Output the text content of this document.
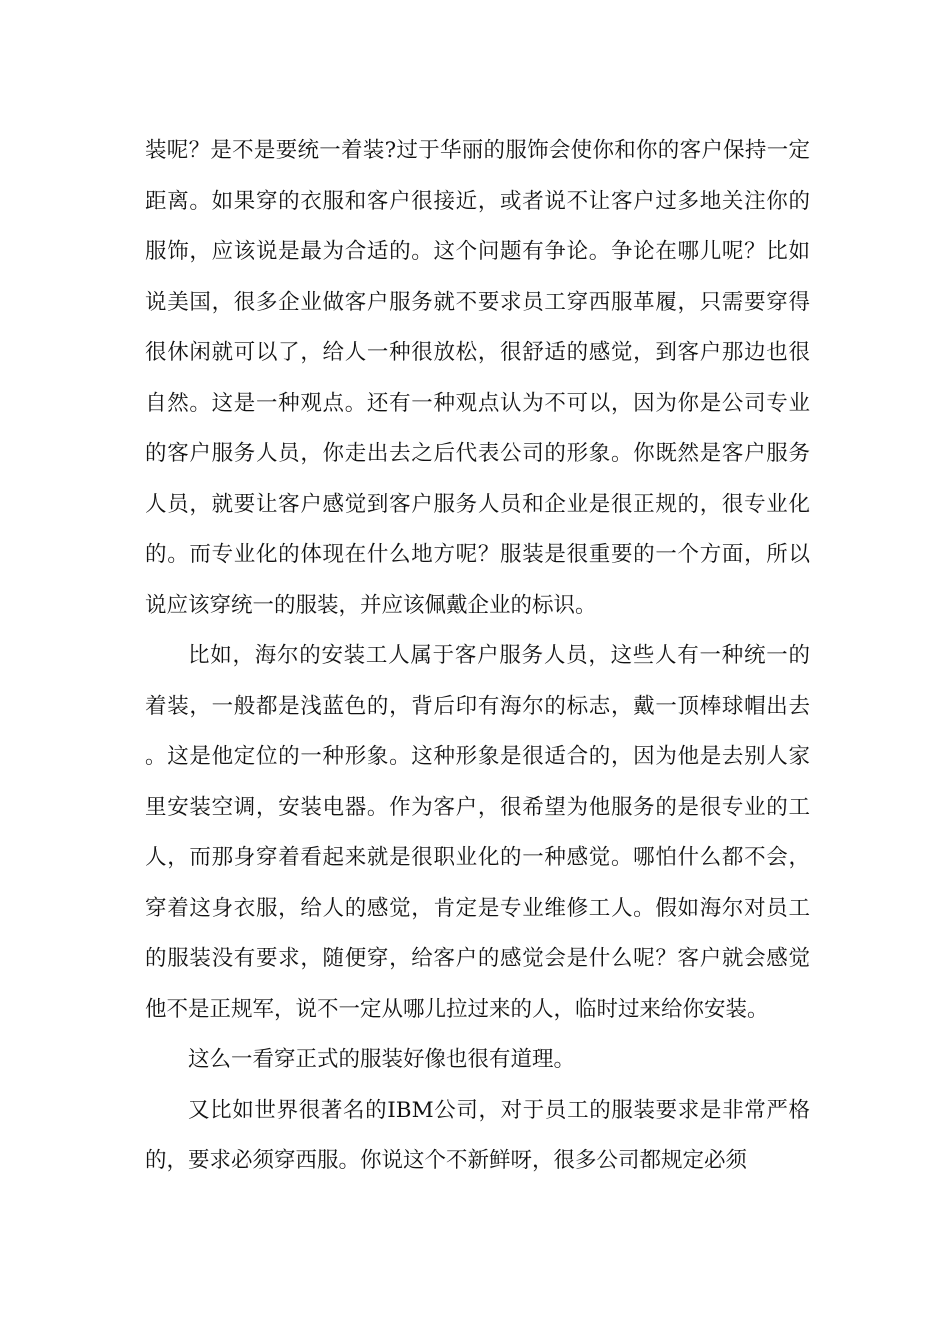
装呢？是不是要统一着装?过于华丽的服饰会使你和你的客户保持一定距离。如果穿的衣服和客户很接近，或者说不让客户过多地关注你的服饰，应该说是最为合适的。这个问题有争论。争论在哪儿呢？比如说美国，很多企业做客户服务就不要求员工穿西服革履，只需要穿得很休闲就可以了，给人一种很放松，很舒适的感觉，到客户那边也很自然。这是一种观点。还有一种观点认为不可以，因为你是公司专业的客户服务人员，你走出去之后代表公司的形象。你既然是客户服务人员，就要让客户感觉到客户服务人员和企业是很正规的，很专业化的。而专业化的体现在什么地方呢？服装是很重要的一个方面，所以说应该穿统一的服装，并应该佩戴企业的标识。

比如，海尔的安装工人属于客户服务人员，这些人有一种统一的着装，一般都是浅蓝色的，背后印有海尔的标志，戴一顶棒球帽出去。这是他定位的一种形象。这种形象是很适合的，因为他是去别人家里安装空调，安装电器。作为客户，很希望为他服务的是很专业的工人，而那身穿着看起来就是很职业化的一种感觉。哪怕什么都不会，穿着这身衣服，给人的感觉，肯定是专业维修工人。假如海尔对员工的服装没有要求，随便穿，给客户的感觉会是什么呢？客户就会感觉他不是正规军，说不一定从哪儿拉过来的人，临时过来给你安装。

这么一看穿正式的服装好像也很有道理。

又比如世界很著名的IBM公司，对于员工的服装要求是非常严格的，要求必须穿西服。你说这个不新鲜呀，很多公司都规定必须
